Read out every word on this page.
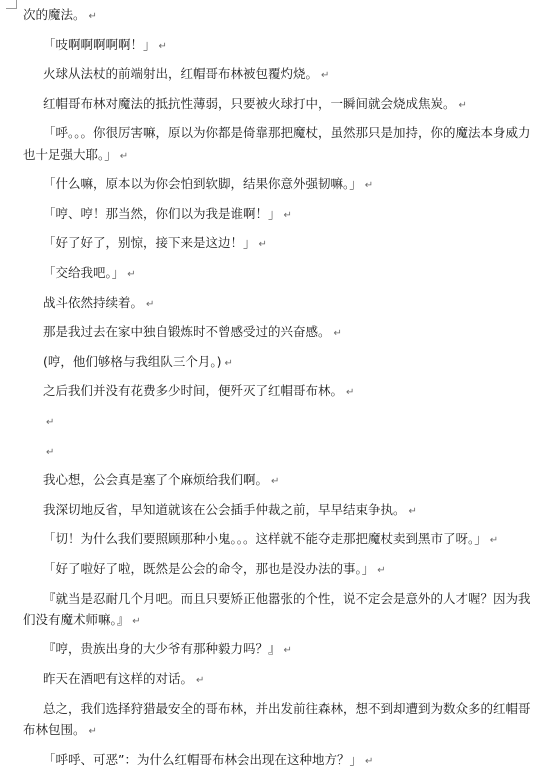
次的魔法。 ↵

「吱啊啊啊啊啊！」 ↵

火球从法杖的前端射出，红帽哥布林被包覆灼烧。 ↵

红帽哥布林对魔法的抵抗性薄弱，只要被火球打中，一瞬间就会烧成焦炭。 ↵

「呼。。。你很厉害嘛，原以为你都是倚靠那把魔杖，虽然那只是加持，你的魔法本身威力也十足强大耶。」 ↵

「什么嘛，原本以为你会怕到软脚，结果你意外强韧嘛。」 ↵

「哼、哼！那当然，你们以为我是谁啊！」 ↵

「好了好了，别惊，接下来是这边！」 ↵

「交给我吧。」 ↵

战斗依然持续着。 ↵

那是我过去在家中独自锻炼时不曾感受过的兴奋感。 ↵

(哼，他们够格与我组队三个月。) ↵

之后我们并没有花费多少时间，便歼灭了红帽哥布林。 ↵

↵

↵

我心想，公会真是塞了个麻烦给我们啊。 ↵

我深切地反省，早知道就该在公会插手仲裁之前，早早结束争执。 ↵

「切！为什么我们要照顾那种小鬼。。。这样就不能夺走那把魔杖卖到黑市了呀。」 ↵

「好了啦好了啦，既然是公会的命令，那也是没办法的事。」 ↵

『就当是忍耐几个月吧。而且只要矫正他嚣张的个性，说不定会是意外的人才喔？因为我们没有魔术师嘛。』 ↵

『哼，贵族出身的大少爷有那种毅力吗？』 ↵

昨天在酒吧有这样的对话。 ↵

总之，我们选择狩猎最安全的哥布林，并出发前往森林，想不到却遭到为数众多的红帽哥布林包围。 ↵

「呼呼、可恶”：为什么红帽哥布林会出现在这种地方？」 ↵
